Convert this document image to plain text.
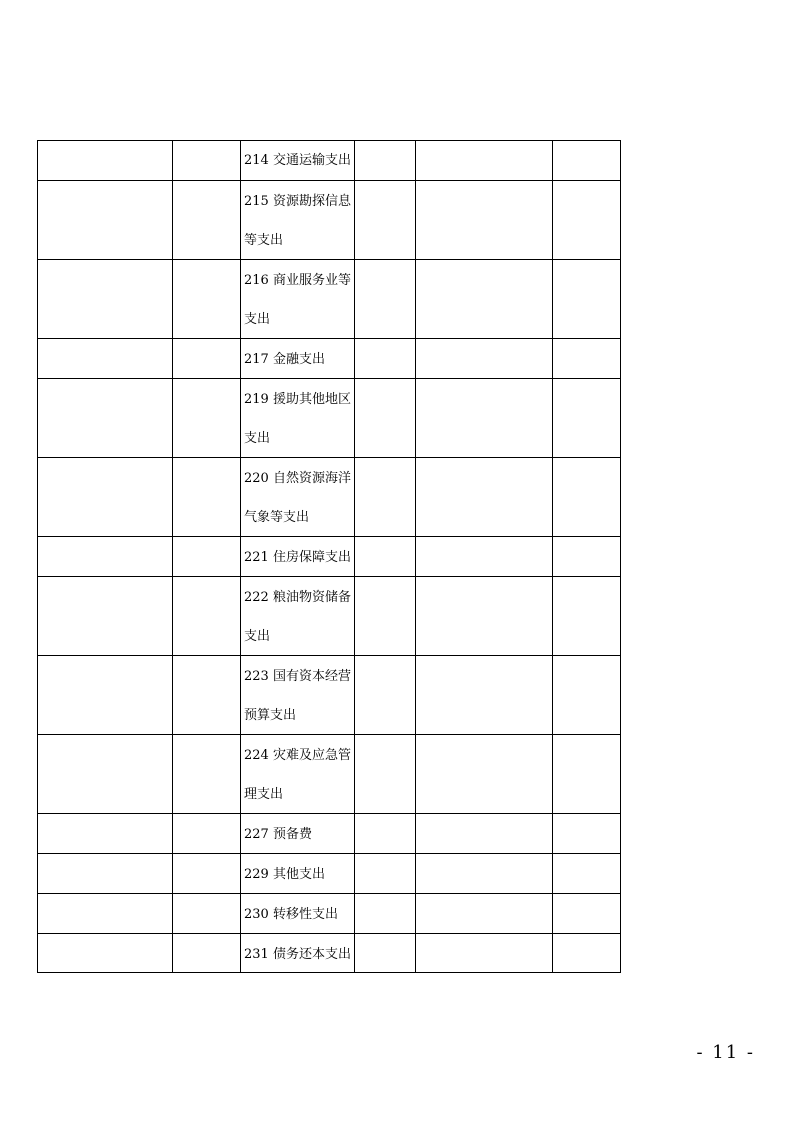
214 交通运输支出
215 资源勘探信息
等支出
216 商业服务业等
支出
217 金融支出
219 援助其他地区
支出
220 自然资源海洋
气象等支出
221 住房保障支出
222 粮油物资储备
支出
223 国有资本经营
预算支出
224 灾难及应急管
理支出
227 预备费
229 其他支出
230 转移性支出
231 债务还本支出
- 11 -
